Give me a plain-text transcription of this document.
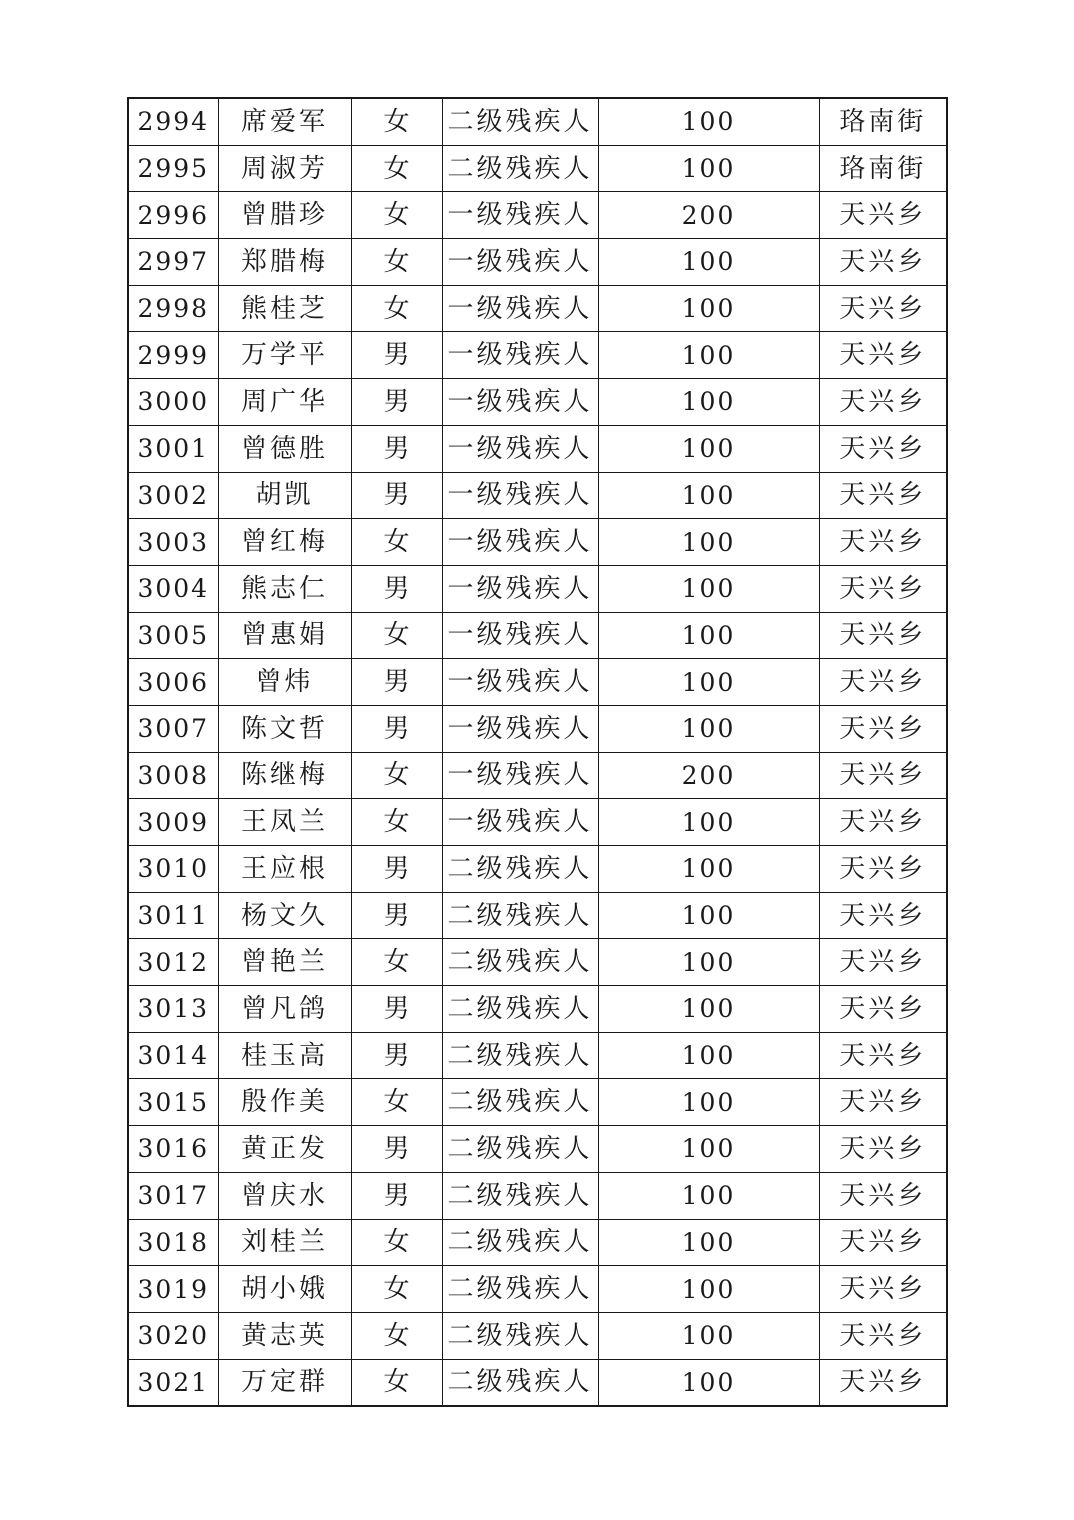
2994	席爱军	女	二级残疾人	100	珞南街
2995	周淑芳	女	二级残疾人	100	珞南街
2996	曾腊珍	女	一级残疾人	200	天兴乡
2997	郑腊梅	女	一级残疾人	100	天兴乡
2998	熊桂芝	女	一级残疾人	100	天兴乡
2999	万学平	男	一级残疾人	100	天兴乡
3000	周广华	男	一级残疾人	100	天兴乡
3001	曾德胜	男	一级残疾人	100	天兴乡
3002	胡凯	男	一级残疾人	100	天兴乡
3003	曾红梅	女	一级残疾人	100	天兴乡
3004	熊志仁	男	一级残疾人	100	天兴乡
3005	曾惠娟	女	一级残疾人	100	天兴乡
3006	曾炜	男	一级残疾人	100	天兴乡
3007	陈文哲	男	一级残疾人	100	天兴乡
3008	陈继梅	女	一级残疾人	200	天兴乡
3009	王凤兰	女	一级残疾人	100	天兴乡
3010	王应根	男	二级残疾人	100	天兴乡
3011	杨文久	男	二级残疾人	100	天兴乡
3012	曾艳兰	女	二级残疾人	100	天兴乡
3013	曾凡鸽	男	二级残疾人	100	天兴乡
3014	桂玉高	男	二级残疾人	100	天兴乡
3015	殷作美	女	二级残疾人	100	天兴乡
3016	黄正发	男	二级残疾人	100	天兴乡
3017	曾庆水	男	二级残疾人	100	天兴乡
3018	刘桂兰	女	二级残疾人	100	天兴乡
3019	胡小娥	女	二级残疾人	100	天兴乡
3020	黄志英	女	二级残疾人	100	天兴乡
3021	万定群	女	二级残疾人	100	天兴乡
